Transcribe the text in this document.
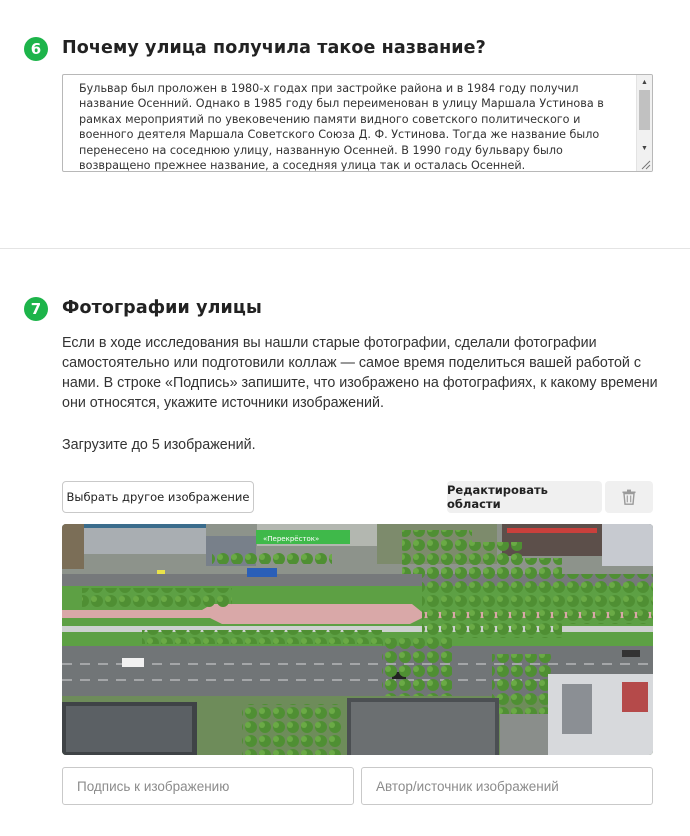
6	Почему улица получила такое название?
Бульвар был проложен в 1980-х годах при застройке района и в 1984 году получил
название Осенний. Однако в 1985 году был переименован в улицу Маршала Устинова в
рамках мероприятий по увековечению памяти видного советского политического и
военного деятеля Маршала Советского Союза Д. Ф. Устинова. Тогда же название было
перенесено на соседнюю улицу, названную Осенней. В 1990 году бульвару было
возвращено прежнее название, а соседняя улица так и осталась Осенней.
▲
▼
7	Фотографии улицы
Если в ходе исследования вы нашли старые фотографии, сделали фотографии
самостоятельно или подготовили коллаж — самое время поделиться вашей работой с
нами. В строке «Подпись» запишите, что изображено на фотографиях, к какому времени
они относятся, укажите источники изображений.
Загрузите до 5 изображений.
Выбрать другое изображение	Редактировать области
«Перекрёсток»
Подпись к изображению
Автор/источник изображений
